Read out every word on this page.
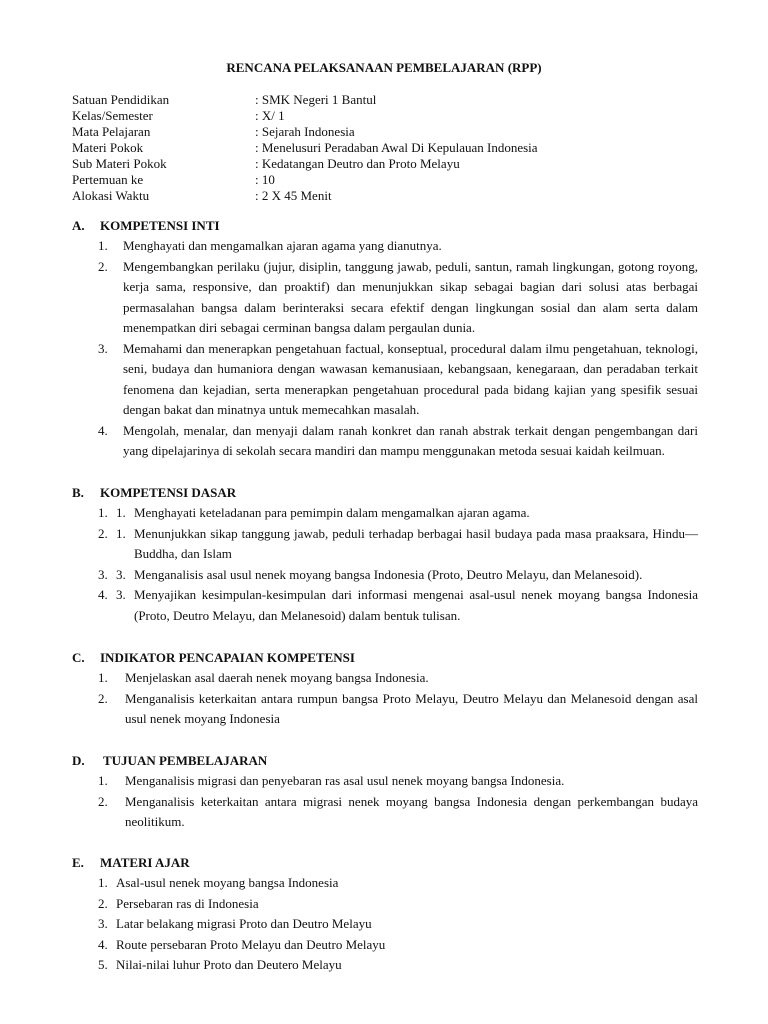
RENCANA PELAKSANAAN PEMBELAJARAN (RPP)
Satuan Pendidikan	: SMK Negeri 1 Bantul
Kelas/Semester	: X/ 1
Mata Pelajaran	: Sejarah Indonesia
Materi Pokok	: Menelusuri Peradaban Awal Di Kepulauan Indonesia
Sub Materi Pokok	: Kedatangan Deutro dan Proto Melayu
Pertemuan ke	: 10
Alokasi Waktu	: 2 X 45 Menit
A. KOMPETENSI INTI
1. Menghayati dan mengamalkan ajaran agama yang dianutnya.
2. Mengembangkan perilaku (jujur, disiplin, tanggung jawab, peduli, santun, ramah lingkungan, gotong royong, kerja sama, responsive, dan proaktif) dan menunjukkan sikap sebagai bagian dari solusi atas berbagai permasalahan bangsa dalam berinteraksi secara efektif dengan lingkungan sosial dan alam serta dalam menempatkan diri sebagai cerminan bangsa dalam pergaulan dunia.
3. Memahami dan menerapkan pengetahuan factual, konseptual, procedural dalam ilmu pengetahuan, teknologi, seni, budaya dan humaniora dengan wawasan kemanusiaan, kebangsaan, kenegaraan, dan peradaban terkait fenomena dan kejadian, serta menerapkan pengetahuan procedural pada bidang kajian yang spesifik sesuai dengan bakat dan minatnya untuk memecahkan masalah.
4. Mengolah, menalar, dan menyaji dalam ranah konkret dan ranah abstrak terkait dengan pengembangan dari yang dipelajarinya di sekolah secara mandiri dan mampu menggunakan metoda sesuai kaidah keilmuan.
B. KOMPETENSI DASAR
1. 1. Menghayati keteladanan para pemimpin dalam mengamalkan ajaran agama.
2. 1. Menunjukkan sikap tanggung jawab, peduli terhadap berbagai hasil budaya pada masa praaksara, Hindu—Buddha, dan Islam
3. 3. Menganalisis asal usul nenek moyang bangsa Indonesia (Proto, Deutro Melayu, dan Melanesoid).
4. 3. Menyajikan kesimpulan-kesimpulan dari informasi mengenai asal-usul nenek moyang bangsa Indonesia (Proto, Deutro Melayu, dan Melanesoid) dalam bentuk tulisan.
C. INDIKATOR PENCAPAIAN KOMPETENSI
1. Menjelaskan asal daerah nenek moyang bangsa Indonesia.
2. Menganalisis keterkaitan antara rumpun bangsa Proto Melayu, Deutro Melayu dan Melanesoid dengan asal usul nenek moyang Indonesia
D. TUJUAN PEMBELAJARAN
1. Menganalisis migrasi dan penyebaran ras asal usul nenek moyang bangsa Indonesia.
2. Menganalisis keterkaitan antara migrasi nenek moyang bangsa Indonesia dengan perkembangan budaya neolitikum.
E. MATERI AJAR
1. Asal-usul nenek moyang bangsa Indonesia
2. Persebaran ras di Indonesia
3. Latar belakang migrasi Proto dan Deutro Melayu
4. Route persebaran Proto Melayu dan Deutro Melayu
5. Nilai-nilai luhur Proto dan Deutero Melayu
